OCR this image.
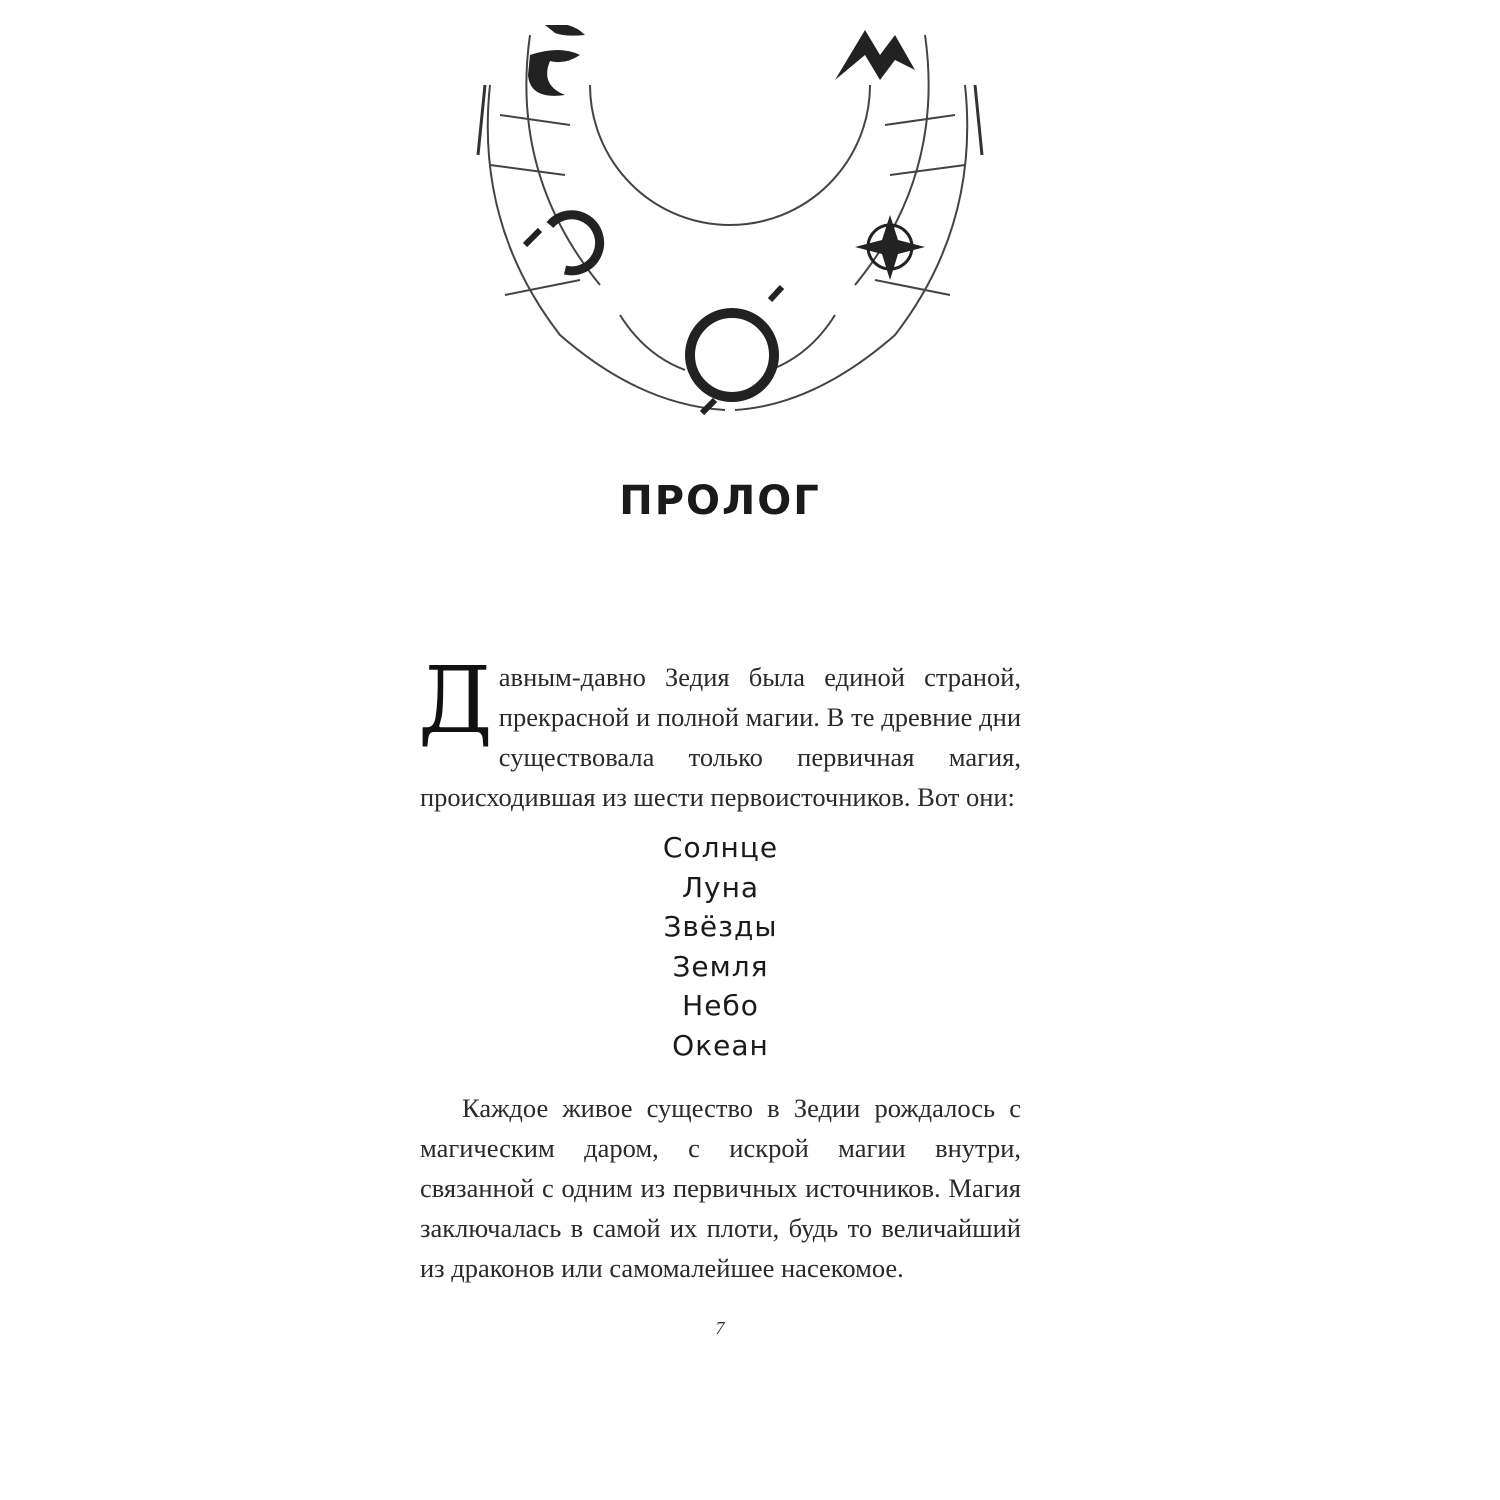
ПРОЛОГ

Давным-давно Зедия была единой страной, прекрасной и полной магии. В те древние дни существовала только первичная магия, происходившая из шести первоисточников. Вот они:

Солнце
Луна
Звёзды
Земля
Небо
Океан

Каждое живое существо в Зедии рождалось с магическим даром, с искрой магии внутри, связанной с одним из первичных источников. Магия заключалась в самой их плоти, будь то величайший из драконов или самомалейшее насекомое.

7
